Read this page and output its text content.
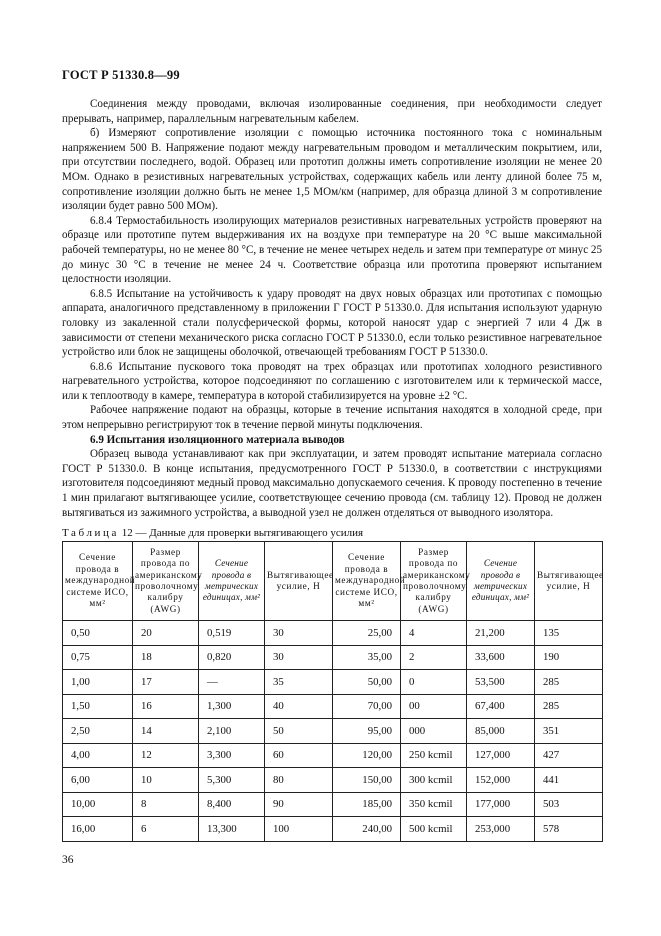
ГОСТ Р 51330.8—99

Соединения между проводами, включая изолированные соединения, при необходимости следует прерывать, например, параллельным нагревательным кабелем.

б) Измеряют сопротивление изоляции с помощью источника постоянного тока с номинальным напряжением 500 В. Напряжение подают между нагревательным проводом и металлическим покрытием, или, при отсутствии последнего, водой. Образец или прототип должны иметь сопротивление изоляции не менее 20 МОм. Однако в резистивных нагревательных устройствах, содержащих кабель или ленту длиной более 75 м, сопротивление изоляции должно быть не менее 1,5 МОм/км (например, для образца длиной 3 м сопротивление изоляции будет равно 500 МОм).

6.8.4 Термостабильность изолирующих материалов резистивных нагревательных устройств проверяют на образце или прототипе путем выдерживания их на воздухе при температуре на 20 °С выше максимальной рабочей температуры, но не менее 80 °С, в течение не менее четырех недель и затем при температуре от минус 25 до минус 30 °С в течение не менее 24 ч. Соответствие образца или прототипа проверяют испытанием целостности изоляции.

6.8.5 Испытание на устойчивость к удару проводят на двух новых образцах или прототипах с помощью аппарата, аналогичного представленному в приложении Г ГОСТ Р 51330.0. Для испытания используют ударную головку из закаленной стали полусферической формы, которой наносят удар с энергией 7 или 4 Дж в зависимости от степени механического риска согласно ГОСТ Р 51330.0, если только резистивное нагревательное устройство или блок не защищены оболочкой, отвечающей требованиям ГОСТ Р 51330.0.

6.8.6 Испытание пускового тока проводят на трех образцах или прототипах холодного резистивного нагревательного устройства, которое подсоединяют по соглашению с изготовителем или к термической массе, или к теплоотводу в камере, температура в которой стабилизируется на уровне ±2 °С.

Рабочее напряжение подают на образцы, которые в течение испытания находятся в холодной среде, при этом непрерывно регистрируют ток в течение первой минуты подключения.

6.9 Испытания изоляционного материала выводов

Образец вывода устанавливают как при эксплуатации, и затем проводят испытание материала согласно ГОСТ Р 51330.0. В конце испытания, предусмотренного ГОСТ Р 51330.0, в соответствии с инструкциями изготовителя подсоединяют медный провод максимально допускаемого сечения. К проводу постепенно в течение 1 мин прилагают вытягивающее усилие, соответствующее сечению провода (см. таблицу 12). Провод не должен вытягиваться из зажимного устройства, а выводной узел не должен отделяться от выводного изолятора.

Таблица 12 — Данные для проверки вытягивающего усилия
Сечение провода в международной системе ИСО, мм²	Размер провода по американскому проволочному калибру (AWG)	Сечение провода в метрических единицах, мм²	Вытягивающее усилие, Н	Сечение провода в международной системе ИСО, мм²	Размер провода по американскому проволочному калибру (AWG)	Сечение провода в метрических единицах, мм²	Вытягивающее усилие, Н
0,50	20	0,519	30	25,00	4	21,200	135
0,75	18	0,820	30	35,00	2	33,600	190
1,00	17	—	35	50,00	0	53,500	285
1,50	16	1,300	40	70,00	00	67,400	285
2,50	14	2,100	50	95,00	000	85,000	351
4,00	12	3,300	60	120,00	250 kcmil	127,000	427
6,00	10	5,300	80	150,00	300 kcmil	152,000	441
10,00	8	8,400	90	185,00	350 kcmil	177,000	503
16,00	6	13,300	100	240,00	500 kcmil	253,000	578
36
